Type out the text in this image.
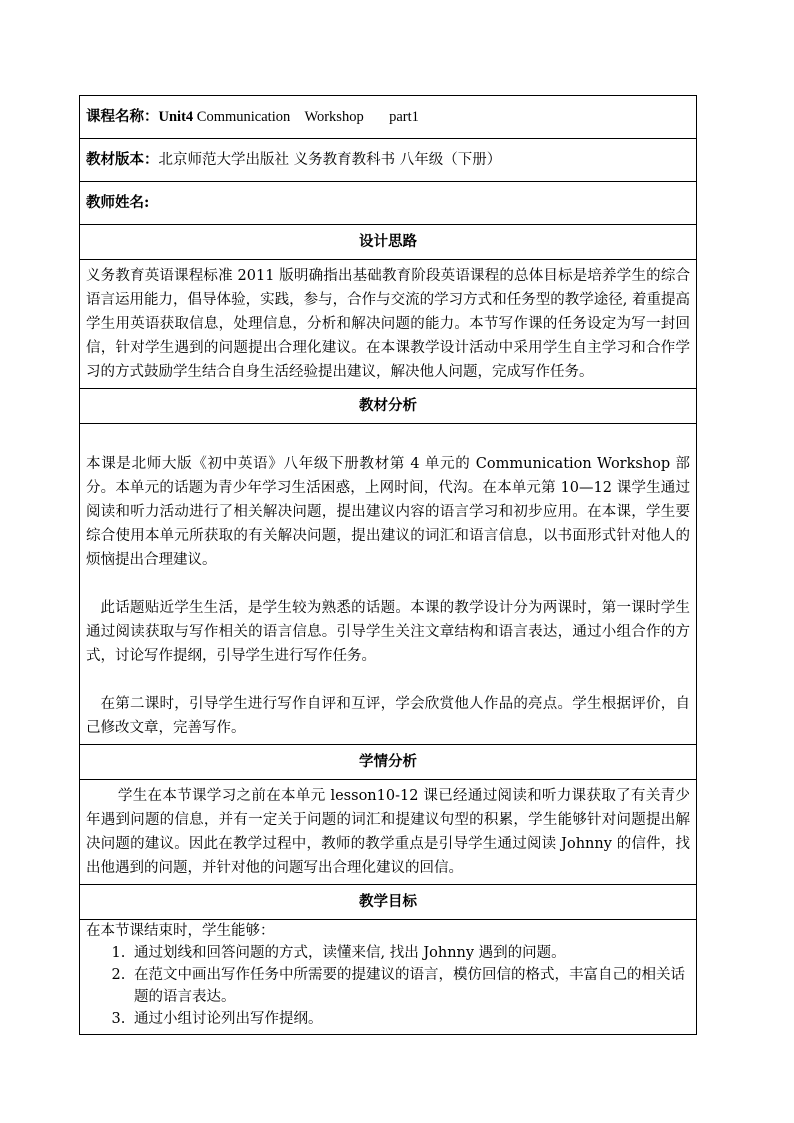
课程名称：Unit4 Communication    Workshop       part1
教材版本：北京师范大学出版社 义务教育教科书 八年级（下册）
教师姓名:
设计思路

义务教育英语课程标准 2011 版明确指出基础教育阶段英语课程的总体目标是培养学生的综合语言运用能力，倡导体验，实践，参与，合作与交流的学习方式和任务型的教学途径, 着重提高学生用英语获取信息，处理信息，分析和解决问题的能力。本节写作课的任务设定为写一封回信，针对学生遇到的问题提出合理化建议。在本课教学设计活动中采用学生自主学习和合作学习的方式鼓励学生结合自身生活经验提出建议，解决他人问题，完成写作任务。

教材分析

本课是北师大版《初中英语》八年级下册教材第 4 单元的 Communication Workshop 部分。本单元的话题为青少年学习生活困惑，上网时间，代沟。在本单元第 10—12 课学生通过阅读和听力活动进行了相关解决问题，提出建议内容的语言学习和初步应用。在本课，学生要综合使用本单元所获取的有关解决问题，提出建议的词汇和语言信息，以书面形式针对他人的烦恼提出合理建议。

此话题贴近学生生活，是学生较为熟悉的话题。本课的教学设计分为两课时，第一课时学生通过阅读获取与写作相关的语言信息。引导学生关注文章结构和语言表达，通过小组合作的方式，讨论写作提纲，引导学生进行写作任务。

在第二课时，引导学生进行写作自评和互评，学会欣赏他人作品的亮点。学生根据评价，自己修改文章，完善写作。

学情分析

学生在本节课学习之前在本单元 lesson10-12 课已经通过阅读和听力课获取了有关青少年遇到问题的信息，并有一定关于问题的词汇和提建议句型的积累，学生能够针对问题提出解决问题的建议。因此在教学过程中，教师的教学重点是引导学生通过阅读 Johnny 的信件，找出他遇到的问题，并针对他的问题写出合理化建议的回信。

教学目标

在本节课结束时，学生能够：
1. 通过划线和回答问题的方式，读懂来信, 找出 Johnny 遇到的问题。
2. 在范文中画出写作任务中所需要的提建议的语言，模仿回信的格式，丰富自己的相关话题的语言表达。
3. 通过小组讨论列出写作提纲。
